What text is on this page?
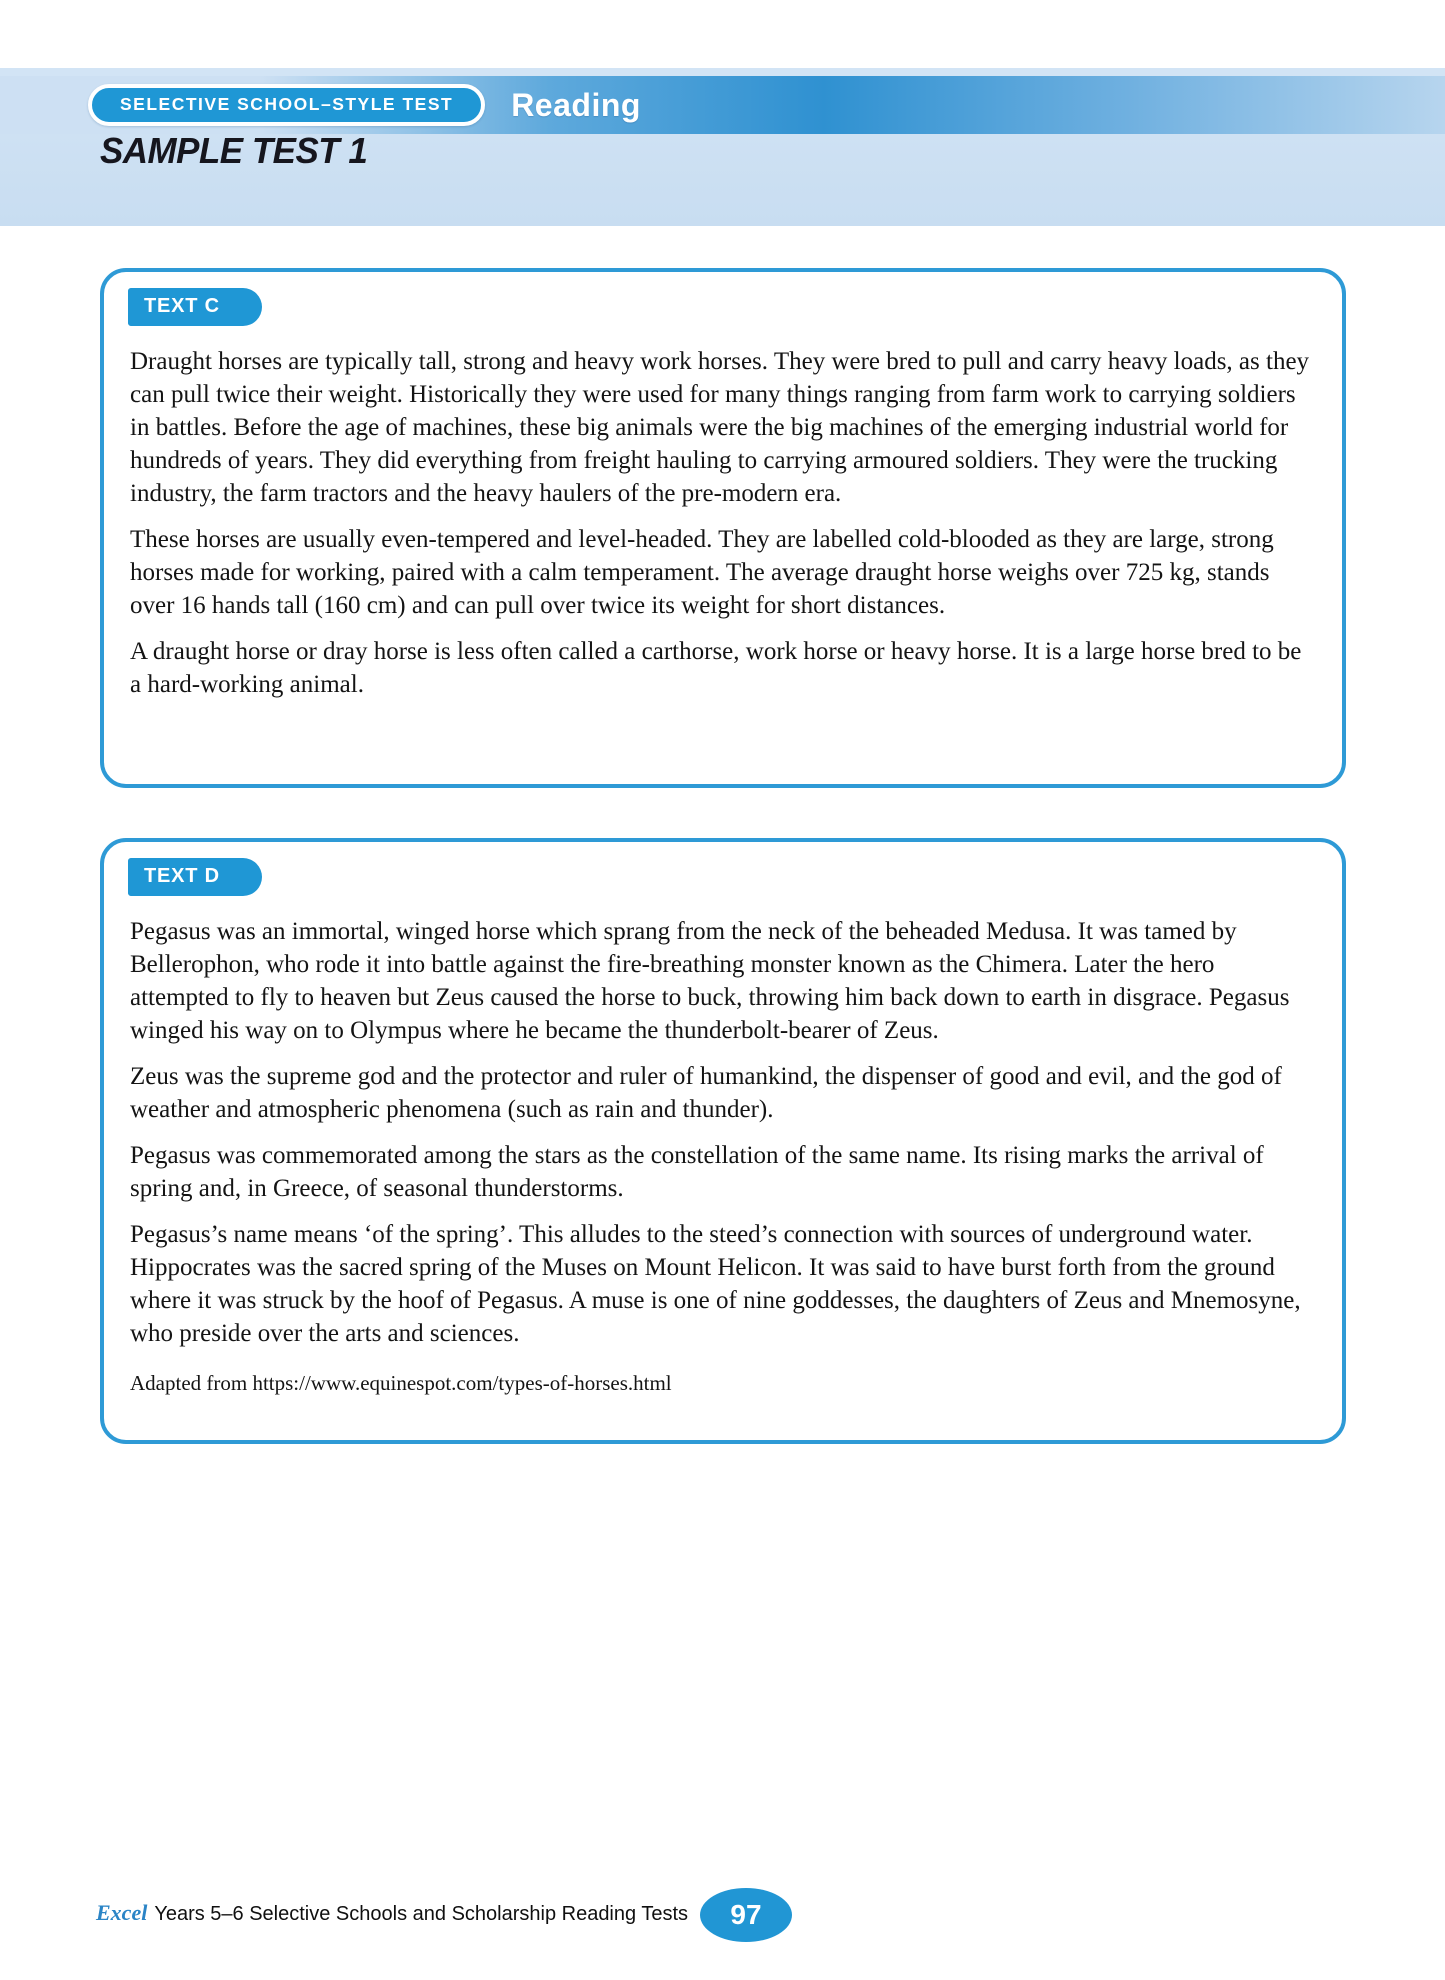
SELECTIVE SCHOOL–STYLE TEST	Reading
SAMPLE TEST 1
TEXT C

Draught horses are typically tall, strong and heavy work horses. They were bred to pull and carry heavy loads, as they can pull twice their weight. Historically they were used for many things ranging from farm work to carrying soldiers in battles. Before the age of machines, these big animals were the big machines of the emerging industrial world for hundreds of years. They did everything from freight hauling to carrying armoured soldiers. They were the trucking industry, the farm tractors and the heavy haulers of the pre-modern era.

These horses are usually even-tempered and level-headed. They are labelled cold-blooded as they are large, strong horses made for working, paired with a calm temperament. The average draught horse weighs over 725 kg, stands over 16 hands tall (160 cm) and can pull over twice its weight for short distances.

A draught horse or dray horse is less often called a carthorse, work horse or heavy horse. It is a large horse bred to be a hard-working animal.

TEXT D

Pegasus was an immortal, winged horse which sprang from the neck of the beheaded Medusa. It was tamed by Bellerophon, who rode it into battle against the fire-breathing monster known as the Chimera. Later the hero attempted to fly to heaven but Zeus caused the horse to buck, throwing him back down to earth in disgrace. Pegasus winged his way on to Olympus where he became the thunderbolt-bearer of Zeus.

Zeus was the supreme god and the protector and ruler of humankind, the dispenser of good and evil, and the god of weather and atmospheric phenomena (such as rain and thunder).

Pegasus was commemorated among the stars as the constellation of the same name. Its rising marks the arrival of spring and, in Greece, of seasonal thunderstorms.

Pegasus’s name means ‘of the spring’. This alludes to the steed’s connection with sources of underground water. Hippocrates was the sacred spring of the Muses on Mount Helicon. It was said to have burst forth from the ground where it was struck by the hoof of Pegasus. A muse is one of nine goddesses, the daughters of Zeus and Mnemosyne, who preside over the arts and sciences.

Adapted from https://www.equinespot.com/types-of-horses.html
Excel Years 5–6 Selective Schools and Scholarship Reading Tests 97
